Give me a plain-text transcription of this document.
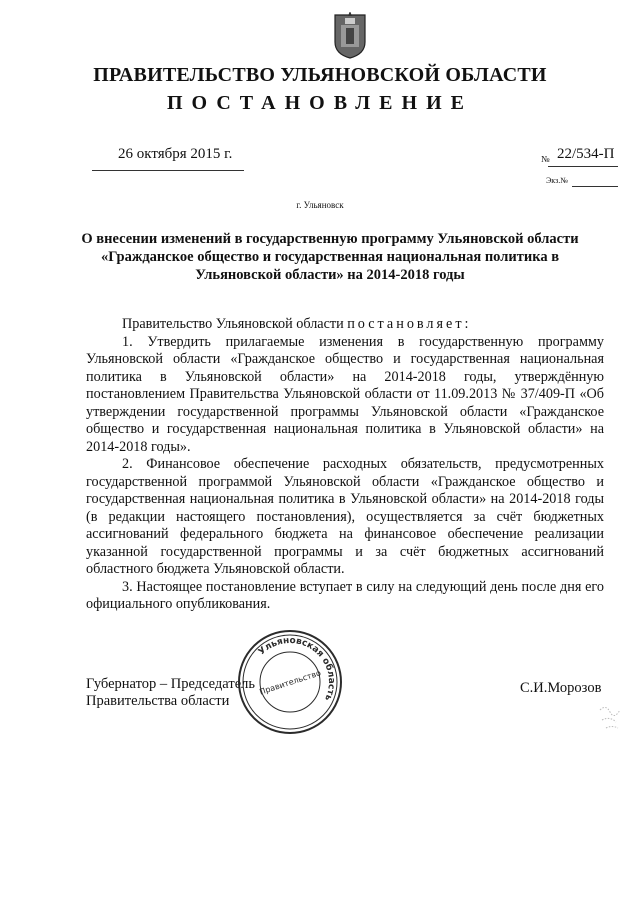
ПРАВИТЕЛЬСТВО УЛЬЯНОВСКОЙ ОБЛАСТИ
ПОСТАНОВЛЕНИЕ
26 октября 2015 г.	№ 22/534-П
Экз.№
г. Ульяновск
О внесении изменений в государственную программу Ульяновской области «Гражданское общество и государственная национальная политика в Ульяновской области» на 2014-2018 годы

Правительство Ульяновской области постановляет:

1. Утвердить прилагаемые изменения в государственную программу Ульяновской области «Гражданское общество и государственная национальная политика в Ульяновской области» на 2014-2018 годы, утверждённую постановлением Правительства Ульяновской области от 11.09.2013 № 37/409-П «Об утверждении государственной программы Ульяновской области «Гражданское общество и государственная национальная политика в Ульяновской области» на 2014-2018 годы».

2. Финансовое обеспечение расходных обязательств, предусмотренных государственной программой Ульяновской области «Гражданское общество и государственная национальная политика в Ульяновской области» на 2014-2018 годы (в редакции настоящего постановления), осуществляется за счёт бюджетных ассигнований федерального бюджета на финансовое обеспечение реализации указанной государственной программы и за счёт бюджетных ассигнований областного бюджета Ульяновской области.

3. Настоящее постановление вступает в силу на следующий день после дня его официального опубликования.

Губернатор – Председатель
Правительства области
С.И.Морозов
Ульяновская область
Правительство
